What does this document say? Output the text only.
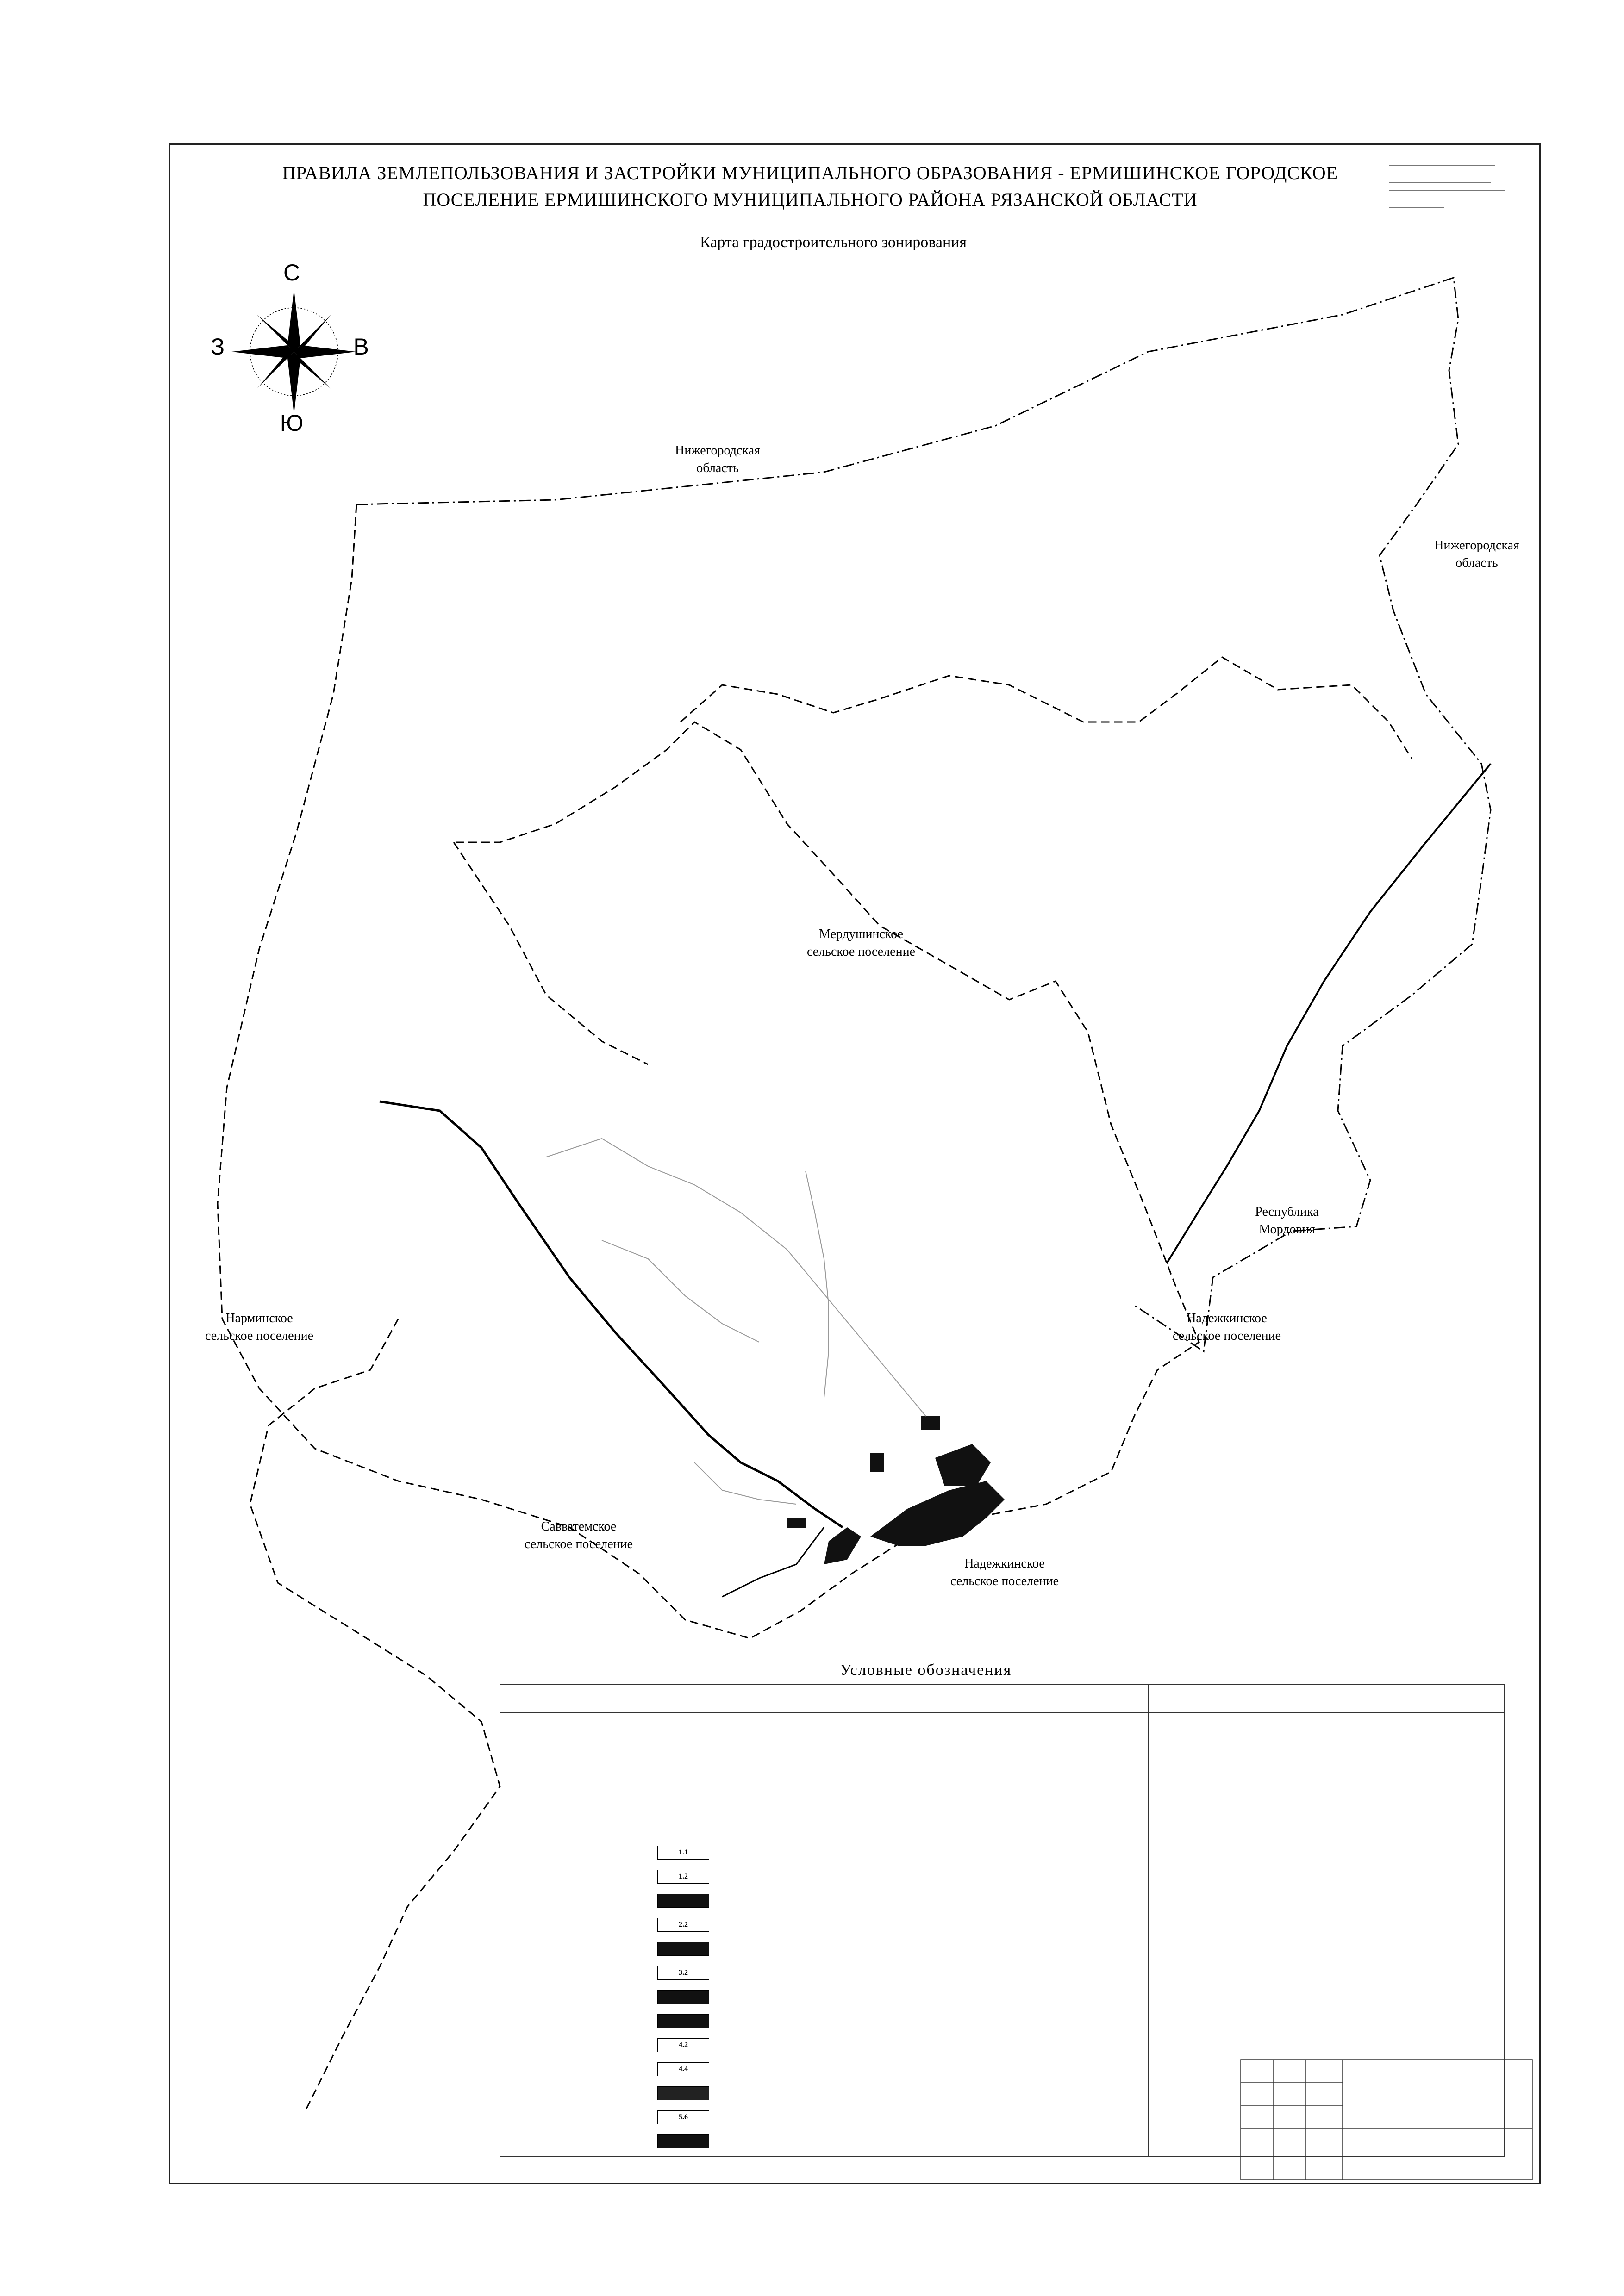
ПРАВИЛА ЗЕМЛЕПОЛЬЗОВАНИЯ И ЗАСТРОЙКИ МУНИЦИПАЛЬНОГО ОБРАЗОВАНИЯ - ЕРМИШИНСКОЕ ГОРОДСКОЕ
ПОСЕЛЕНИЕ ЕРМИШИНСКОГО МУНИЦИПАЛЬНОГО РАЙОНА РЯЗАНСКОЙ ОБЛАСТИ
Карта градостроительного зонирования
С
Ю
З	В
Нижегородская
область
Нижегородская
область
Мердушинское
сельское поселение
Нарминское
сельское поселение
Надежкинское
сельское поселение
Республика
Мордовия
Савватемское
сельское поселение
Надежкинское
сельское поселение
Условные обозначения
1.1
1.2
2.2
3.2
4.2
4.4
5.6
